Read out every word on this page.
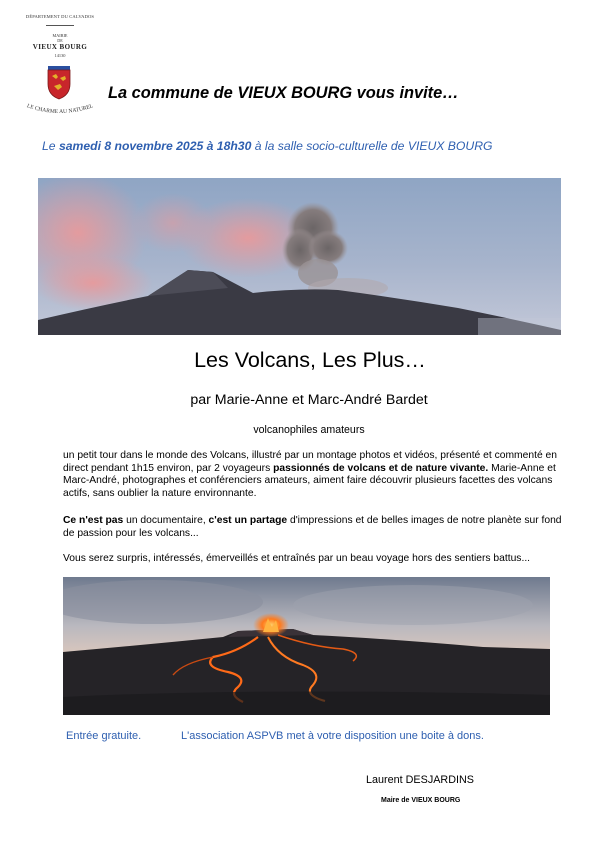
DÉPARTEMENT DU CALVADOS
MAIRIE
DE
VIEUX BOURG
14130
LE CHARME AU NATUREL
La commune de VIEUX BOURG vous invite…
Le samedi 8 novembre 2025 à 18h30 à la salle socio-culturelle de VIEUX BOURG
Les Volcans, Les Plus…
par Marie-Anne et Marc-André Bardet
volcanophiles amateurs
un petit tour dans le monde des Volcans, illustré par un montage photos et vidéos, présenté et commenté en direct pendant 1h15 environ, par 2 voyageurs passionnés de volcans et de nature vivante. Marie-Anne et Marc-André, photographes et conférenciers amateurs, aiment faire découvrir plusieurs facettes des volcans actifs, sans oublier la nature environnante.
Ce n'est pas un documentaire, c'est un partage d'impressions et de belles images de notre planète sur fond de passion pour les volcans...
Vous serez surpris, intéressés, émerveillés et entraînés par un beau voyage hors des sentiers battus...
Entrée gratuite.	L'association ASPVB met à votre disposition une boite à dons.
Laurent DESJARDINS
Maire de VIEUX BOURG
